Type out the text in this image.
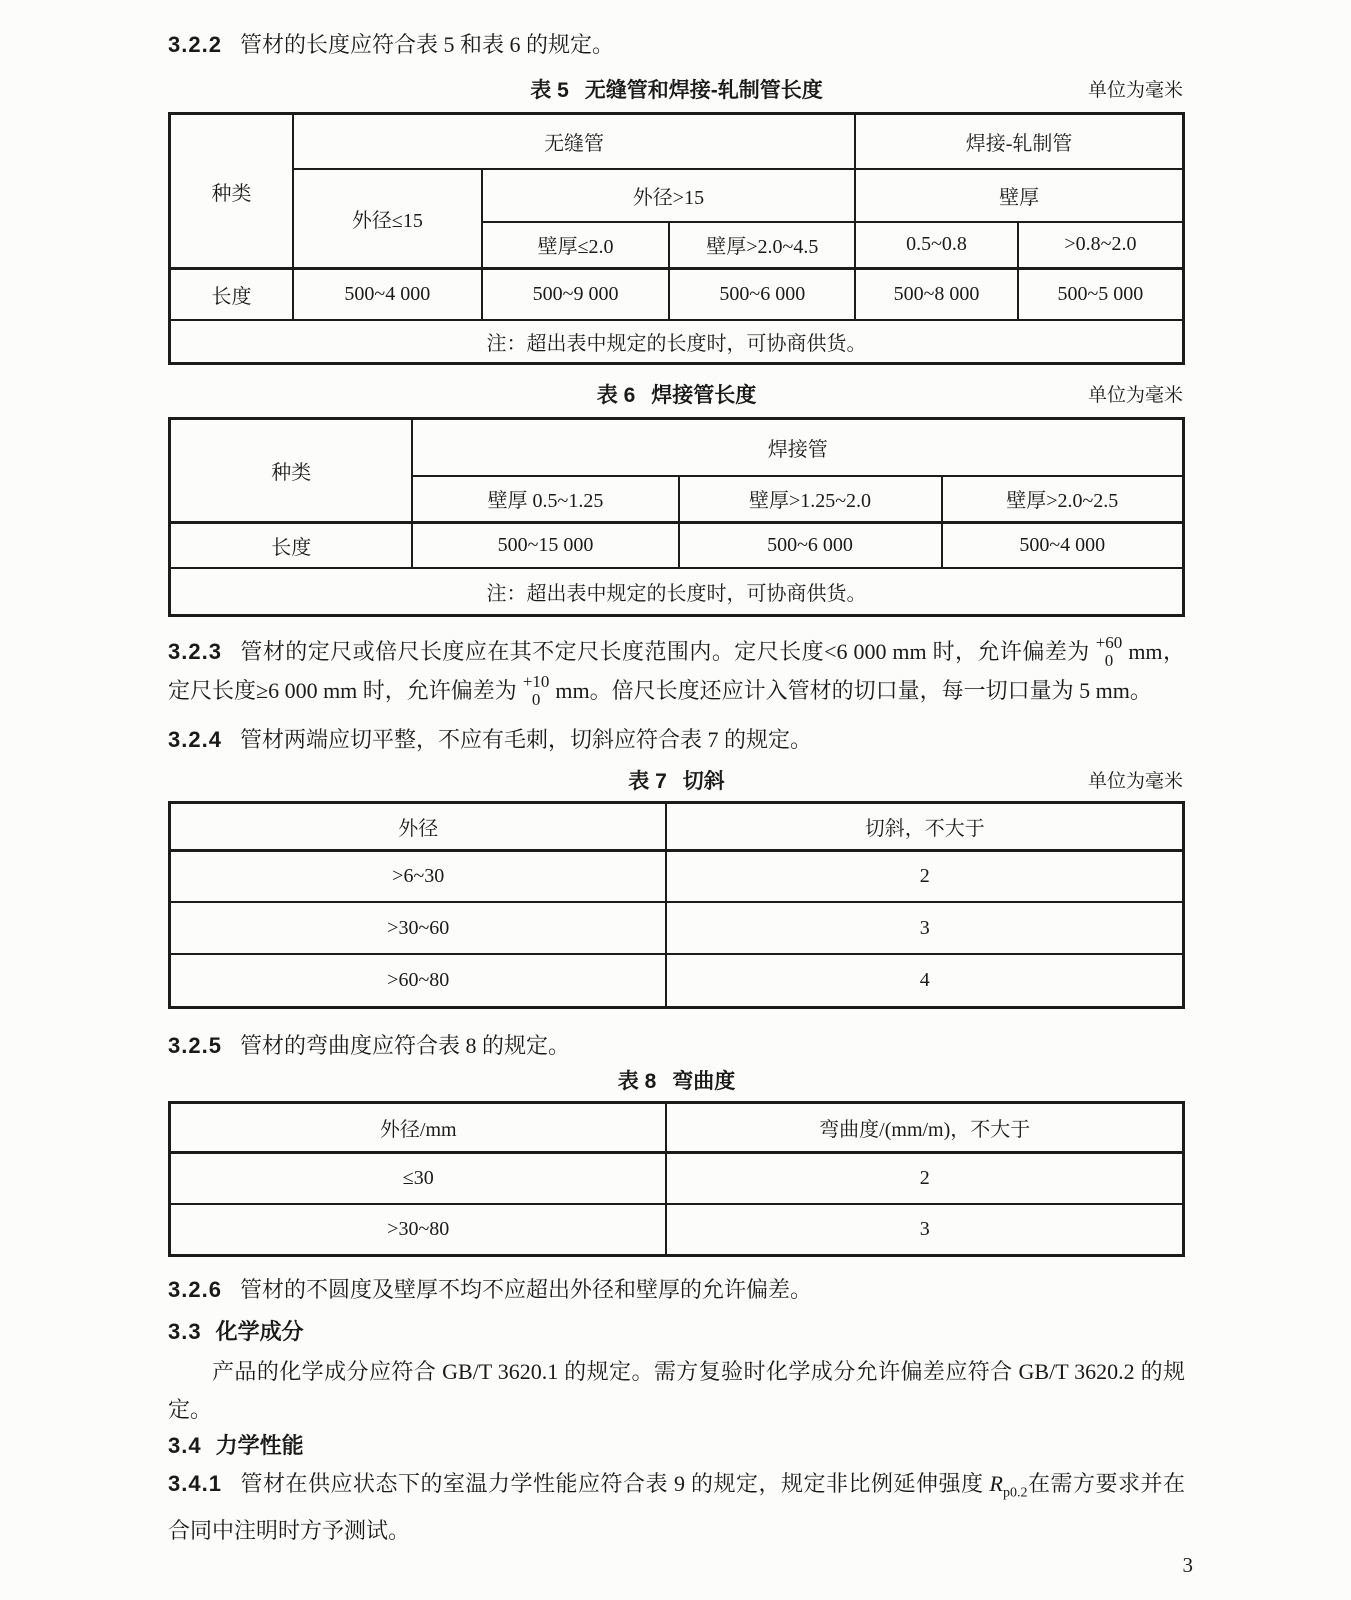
3.2.2 管材的长度应符合表 5 和表 6 的规定。

表 5 无缝管和焊接-轧制管长度	单位为毫米
种类	无缝管			焊接-轧制管	
	外径≤15	外径>15		壁厚	
		壁厚≤2.0	壁厚>2.0~4.5	0.5~0.8	>0.8~2.0
长度	500~4 000	500~9 000	500~6 000	500~8 000	500~5 000
注：超出表中规定的长度时，可协商供货。					
表 6 焊接管长度	单位为毫米
种类	焊接管		
	壁厚 0.5~1.25	壁厚>1.25~2.0	壁厚>2.0~2.5
长度	500~15 000	500~6 000	500~4 000
注：超出表中规定的长度时，可协商供货。			

3.2.3 管材的定尺或倍尺长度应在其不定尺长度范围内。定尺长度<6 000 mm 时，允许偏差为 +60
0 mm，定尺长度≥6 000 mm 时，允许偏差为 +10
0 mm。倍尺长度还应计入管材的切口量，每一切口量为 5 mm。

3.2.4 管材两端应切平整，不应有毛刺，切斜应符合表 7 的规定。

表 7 切斜	单位为毫米
外径	切斜，不大于
>6~30	2
>30~60	3
>60~80	4

3.2.5 管材的弯曲度应符合表 8 的规定。

表 8 弯曲度
外径/mm	弯曲度/(mm/m)，不大于
≤30	2
>30~80	3

3.2.6 管材的不圆度及壁厚不均不应超出外径和壁厚的允许偏差。

3.3 化学成分

产品的化学成分应符合 GB/T 3620.1 的规定。需方复验时化学成分允许偏差应符合 GB/T 3620.2 的规定。

3.4 力学性能

3.4.1 管材在供应状态下的室温力学性能应符合表 9 的规定，规定非比例延伸强度 $R_{p0.2}$在需方要求并在合同中注明时方予测试。

3
